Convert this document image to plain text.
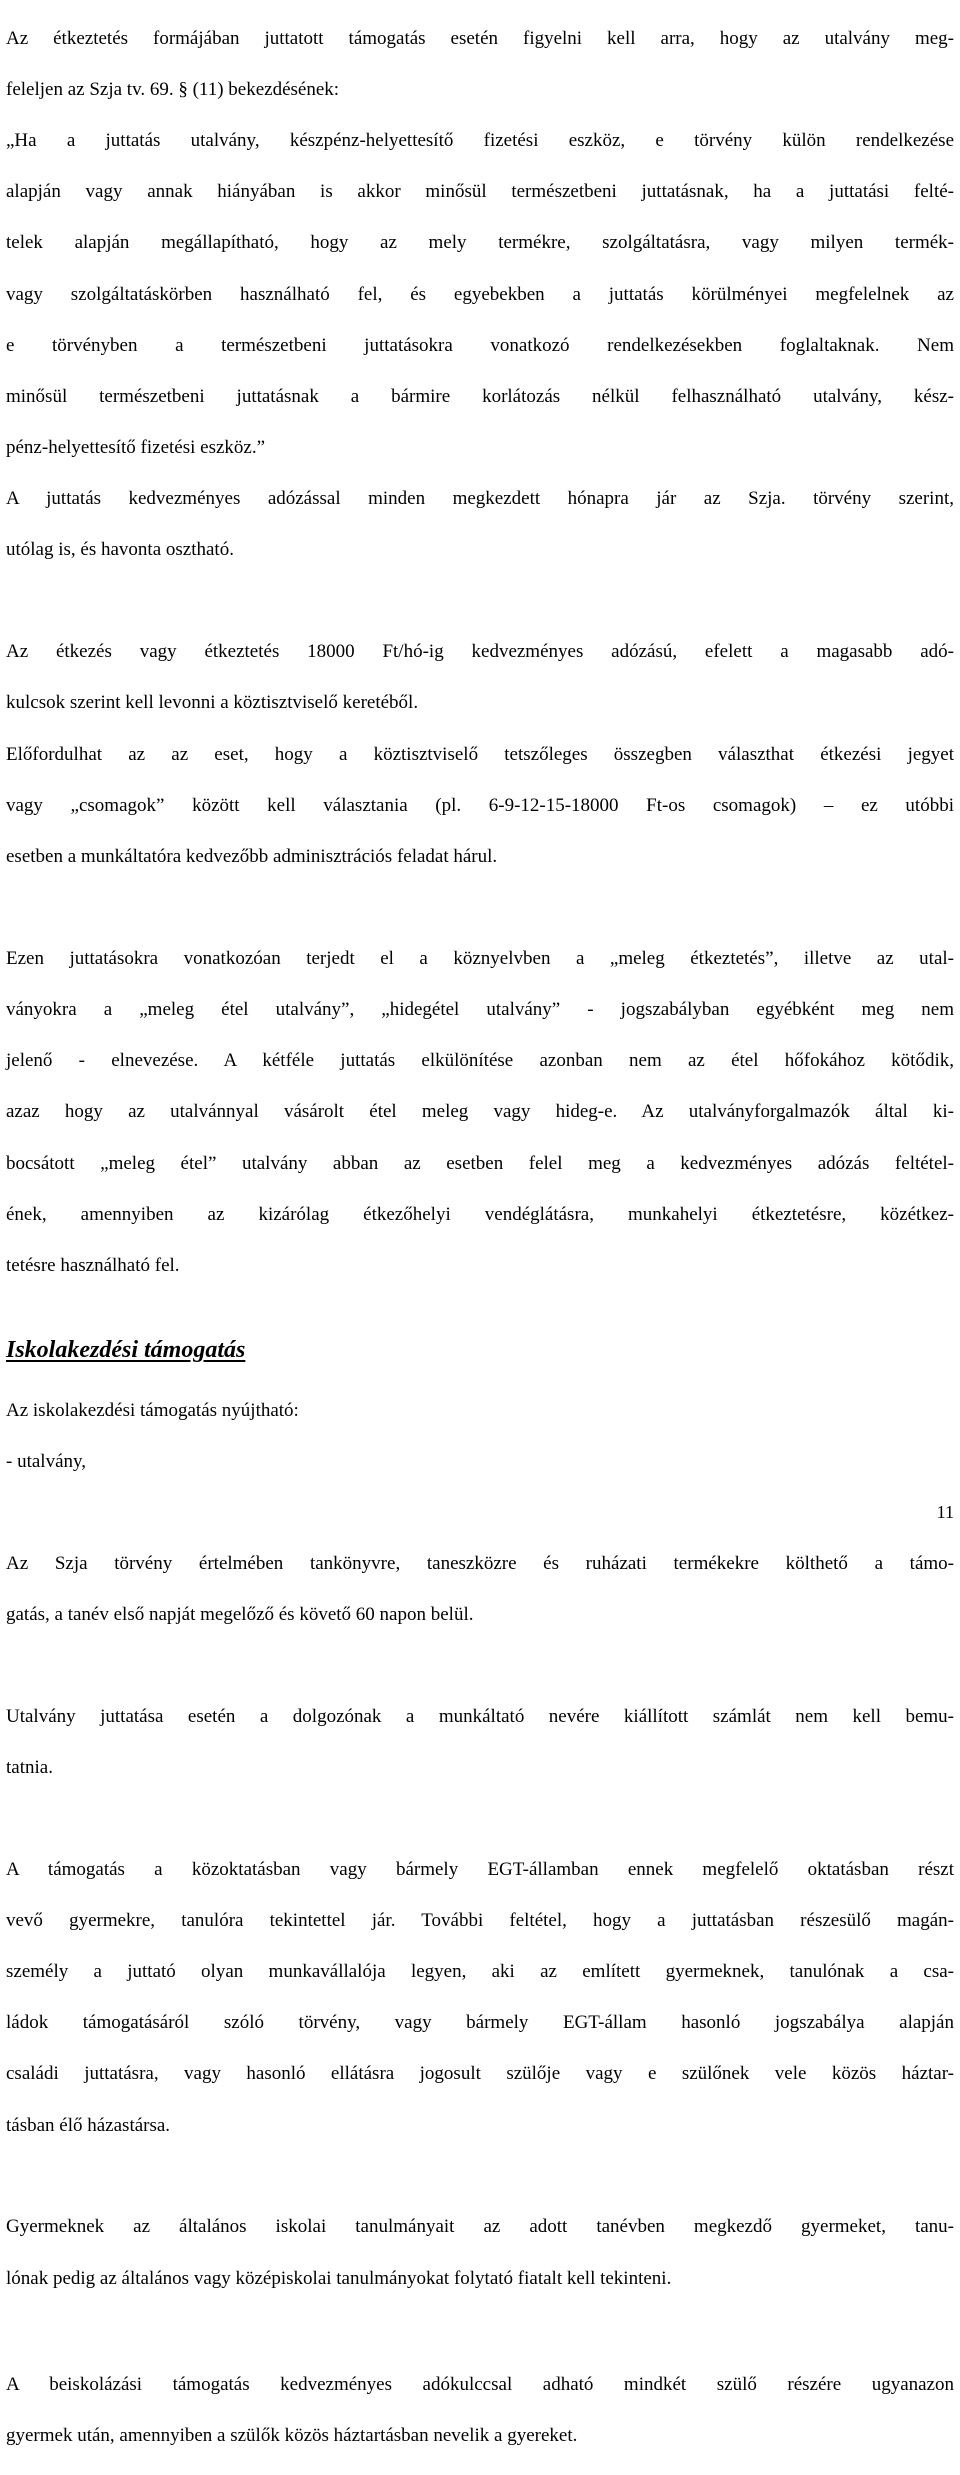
Az étkeztetés formájában juttatott támogatás esetén figyelni kell arra, hogy az utalvány meg-

feleljen az Szja tv. 69. § (11) bekezdésének:

„Ha a juttatás utalvány, készpénz-helyettesítő fizetési eszköz, e törvény külön rendelkezése

alapján vagy annak hiányában is akkor minősül természetbeni juttatásnak, ha a juttatási felté-

telek alapján megállapítható, hogy az mely termékre, szolgáltatásra, vagy milyen termék-

vagy szolgáltatáskörben használható fel, és egyebekben a juttatás körülményei megfelelnek az

e törvényben a természetbeni juttatásokra vonatkozó rendelkezésekben foglaltaknak. Nem

minősül természetbeni juttatásnak a bármire korlátozás nélkül felhasználható utalvány, kész-

pénz-helyettesítő fizetési eszköz.”

A juttatás kedvezményes adózással minden megkezdett hónapra jár az Szja. törvény szerint,

utólag is, és havonta osztható.

Az étkezés vagy étkeztetés 18000 Ft/hó-ig kedvezményes adózású, efelett a magasabb adó-

kulcsok szerint kell levonni a köztisztviselő keretéből.

Előfordulhat az az eset, hogy a köztisztviselő tetszőleges összegben választhat étkezési jegyet

vagy „csomagok” között kell választania (pl. 6-9-12-15-18000 Ft-os csomagok) – ez utóbbi

esetben a munkáltatóra kedvezőbb adminisztrációs feladat hárul.

Ezen juttatásokra vonatkozóan terjedt el a köznyelvben a „meleg étkeztetés”, illetve az utal-

ványokra a „meleg étel utalvány”, „hidegétel utalvány” - jogszabályban egyébként meg nem

jelenő - elnevezése. A kétféle juttatás elkülönítése azonban nem az étel hőfokához kötődik,

azaz hogy az utalvánnyal vásárolt étel meleg vagy hideg-e. Az utalványforgalmazók által ki-

bocsátott „meleg étel” utalvány abban az esetben felel meg a kedvezményes adózás feltétel-

ének, amennyiben az kizárólag étkezőhelyi vendéglátásra, munkahelyi étkeztetésre, közétkez-

tetésre használható fel.

Iskolakezdési támogatás

Az iskolakezdési támogatás nyújtható:

- utalvány,

Az Szja törvény értelmében tankönyvre, taneszközre és ruházati termékekre költhető a támo-

gatás, a tanév első napját megelőző és követő 60 napon belül.

Utalvány juttatása esetén a dolgozónak a munkáltató nevére kiállított számlát nem kell bemu-

tatnia.

A támogatás a közoktatásban vagy bármely EGT-államban ennek megfelelő oktatásban részt

vevő gyermekre, tanulóra tekintettel jár. További feltétel, hogy a juttatásban részesülő magán-

személy a juttató olyan munkavállalója legyen, aki az említett gyermeknek, tanulónak a csa-

ládok támogatásáról szóló törvény, vagy bármely EGT-állam hasonló jogszabálya alapján

családi juttatásra, vagy hasonló ellátásra jogosult szülője vagy e szülőnek vele közös háztar-

tásban élő házastársa.

Gyermeknek az általános iskolai tanulmányait az adott tanévben megkezdő gyermeket, tanu-

lónak pedig az általános vagy középiskolai tanulmányokat folytató fiatalt kell tekinteni.

A beiskolázási támogatás kedvezményes adókulccsal adható mindkét szülő részére ugyanazon

gyermek után, amennyiben a szülők közös háztartásban nevelik a gyereket.

11
